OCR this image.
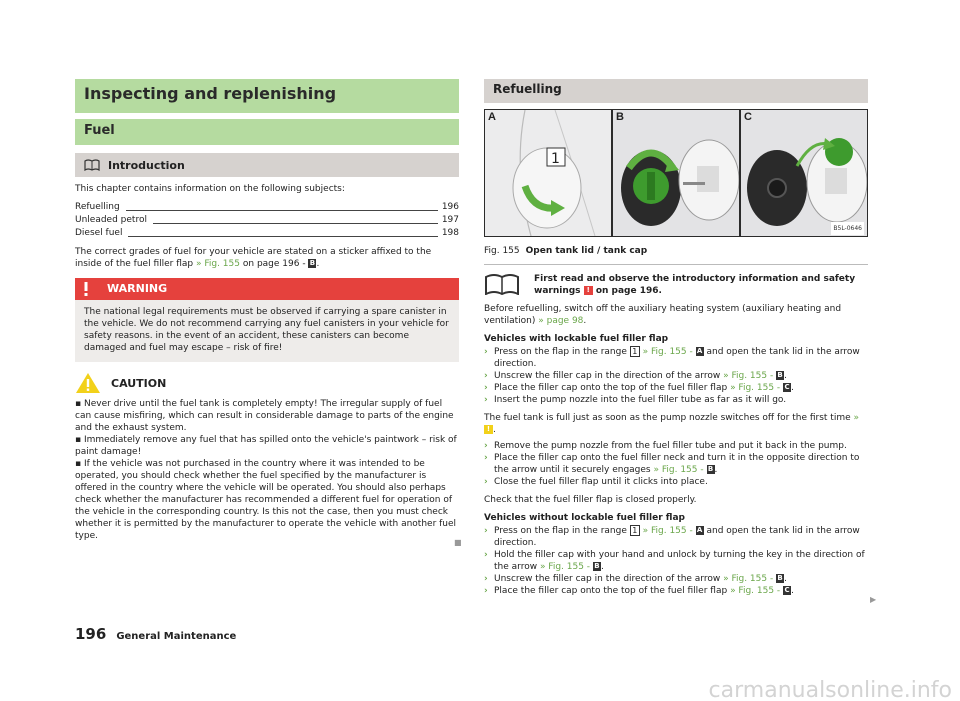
Inspecting and replenishing
Fuel
Introduction
This chapter contains information on the following subjects:
Refuelling	196
Unleaded petrol	197
Diesel fuel	198
The correct grades of fuel for your vehicle are stated on a sticker affixed to the inside of the fuel filler flap » Fig. 155 on page 196 - B.
WARNING
The national legal requirements must be observed if carrying a spare canister in the vehicle. We do not recommend carrying any fuel canisters in your vehicle for safety reasons. in the event of an accident, these canisters can become damaged and fuel may escape – risk of fire!
CAUTION
▪ Never drive until the fuel tank is completely empty! The irregular supply of fuel can cause misfiring, which can result in considerable damage to parts of the engine and the exhaust system.
▪ Immediately remove any fuel that has spilled onto the vehicle's paintwork – risk of paint damage!
▪ If the vehicle was not purchased in the country where it was intended to be operated, you should check whether the fuel specified by the manufacturer is offered in the country where the vehicle will be operated. You should also perhaps check whether the manufacturer has recommended a different fuel for operation of the vehicle in the corresponding country. Is this not the case, then you must check whether it is permitted by the manufacturer to operate the vehicle with another fuel type.
■
Refuelling
1
A	B	C
B5L-0646
Fig. 155 Open tank lid / tank cap
First read and observe the introductory information and safety warnings ! on page 196.
Before refuelling, switch off the auxiliary heating system (auxiliary heating and ventilation) » page 98.
Vehicles with lockable fuel filler flap
› Press on the flap in the range 1 » Fig. 155 - A and open the tank lid in the arrow direction.
› Unscrew the filler cap in the direction of the arrow » Fig. 155 - B.
› Place the filler cap onto the top of the fuel filler flap » Fig. 155 - C.
› Insert the pump nozzle into the fuel filler tube as far as it will go.
The fuel tank is full just as soon as the pump nozzle switches off for the first time » ! .
› Remove the pump nozzle from the fuel filler tube and put it back in the pump.
› Place the filler cap onto the fuel filler neck and turn it in the opposite direction to the arrow until it securely engages » Fig. 155 - B.
› Close the fuel filler flap until it clicks into place.
Check that the fuel filler flap is closed properly.
Vehicles without lockable fuel filler flap
› Press on the flap in the range 1 » Fig. 155 - A and open the tank lid in the arrow direction.
› Hold the filler cap with your hand and unlock by turning the key in the direction of the arrow » Fig. 155 - B.
› Unscrew the filler cap in the direction of the arrow » Fig. 155 - B.
› Place the filler cap onto the top of the fuel filler flap » Fig. 155 - C.
▶
196 General Maintenance
carmanualsonline.info
